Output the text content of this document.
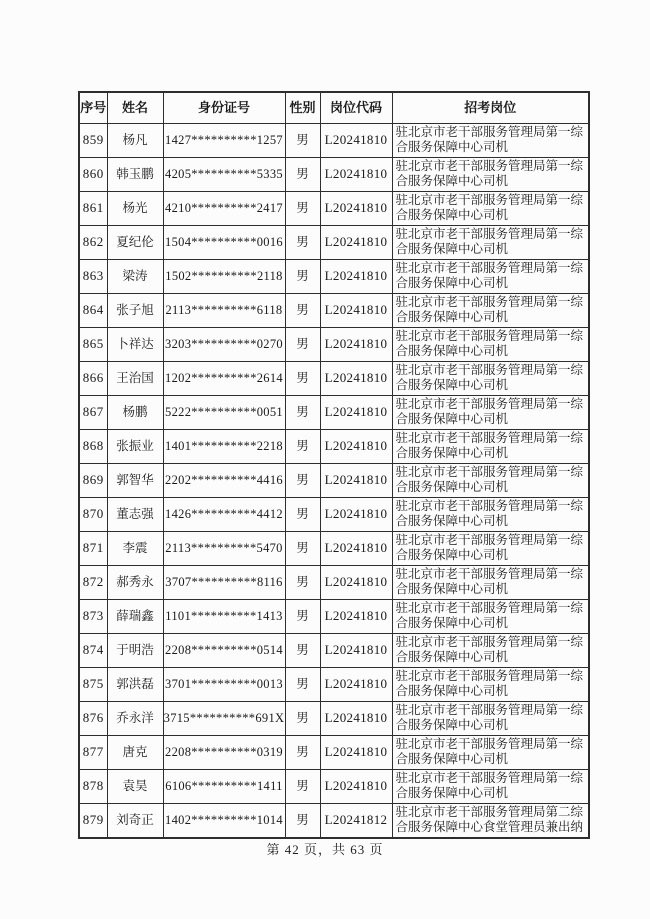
序号	姓名	身份证号	性别	岗位代码	招考岗位
859	杨凡	1427**********1257	男	L20241810	驻北京市老干部服务管理局第一综合服务保障中心司机
860	韩玉鹏	4205**********5335	男	L20241810	驻北京市老干部服务管理局第一综合服务保障中心司机
861	杨光	4210**********2417	男	L20241810	驻北京市老干部服务管理局第一综合服务保障中心司机
862	夏纪伦	1504**********0016	男	L20241810	驻北京市老干部服务管理局第一综合服务保障中心司机
863	梁涛	1502**********2118	男	L20241810	驻北京市老干部服务管理局第一综合服务保障中心司机
864	张子旭	2113**********6118	男	L20241810	驻北京市老干部服务管理局第一综合服务保障中心司机
865	卜祥达	3203**********0270	男	L20241810	驻北京市老干部服务管理局第一综合服务保障中心司机
866	王治国	1202**********2614	男	L20241810	驻北京市老干部服务管理局第一综合服务保障中心司机
867	杨鹏	5222**********0051	男	L20241810	驻北京市老干部服务管理局第一综合服务保障中心司机
868	张振业	1401**********2218	男	L20241810	驻北京市老干部服务管理局第一综合服务保障中心司机
869	郭智华	2202**********4416	男	L20241810	驻北京市老干部服务管理局第一综合服务保障中心司机
870	董志强	1426**********4412	男	L20241810	驻北京市老干部服务管理局第一综合服务保障中心司机
871	李震	2113**********5470	男	L20241810	驻北京市老干部服务管理局第一综合服务保障中心司机
872	郝秀永	3707**********8116	男	L20241810	驻北京市老干部服务管理局第一综合服务保障中心司机
873	薛瑞鑫	1101**********1413	男	L20241810	驻北京市老干部服务管理局第一综合服务保障中心司机
874	于明浩	2208**********0514	男	L20241810	驻北京市老干部服务管理局第一综合服务保障中心司机
875	郭洪磊	3701**********0013	男	L20241810	驻北京市老干部服务管理局第一综合服务保障中心司机
876	乔永洋	3715**********691X	男	L20241810	驻北京市老干部服务管理局第一综合服务保障中心司机
877	唐克	2208**********0319	男	L20241810	驻北京市老干部服务管理局第一综合服务保障中心司机
878	袁昊	6106**********1411	男	L20241810	驻北京市老干部服务管理局第一综合服务保障中心司机
879	刘奇正	1402**********1014	男	L20241812	驻北京市老干部服务管理局第二综合服务保障中心食堂管理员兼出纳
第 42 页，共 63 页
